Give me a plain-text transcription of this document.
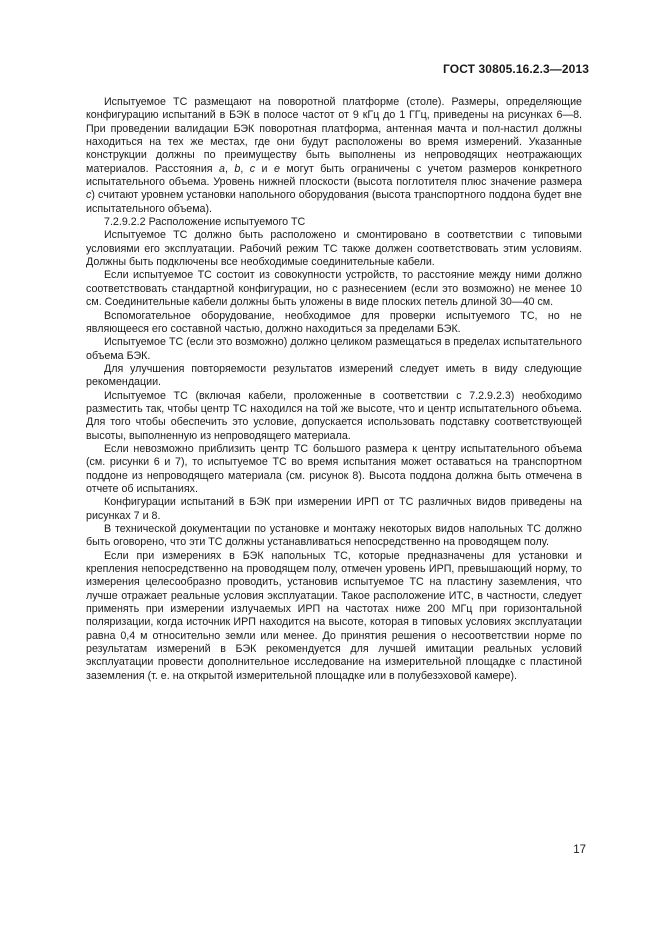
ГОСТ 30805.16.2.3—2013

Испытуемое ТС размещают на поворотной платформе (столе). Размеры, определяющие конфигурацию испытаний в БЭК в полосе частот от 9 кГц до 1 ГГц, приведены на рисунках 6—8. При проведении валидации БЭК поворотная платформа, антенная мачта и пол-настил должны находиться на тех же местах, где они будут расположены во время измерений. Указанные конструкции должны по преимуществу быть выполнены из непроводящих неотражающих материалов. Расстояния a, b, c и e могут быть ограничены с учетом размеров конкретного испытательного объема. Уровень нижней плоскости (высота поглотителя плюс значение размера c) считают уровнем установки напольного оборудования (высота транспортного поддона будет вне испытательного объема).

7.2.9.2.2 Расположение испытуемого ТС

Испытуемое ТС должно быть расположено и смонтировано в соответствии с типовыми условиями его эксплуатации. Рабочий режим ТС также должен соответствовать этим условиям. Должны быть подключены все необходимые соединительные кабели.

Если испытуемое ТС состоит из совокупности устройств, то расстояние между ними должно соответствовать стандартной конфигурации, но с разнесением (если это возможно) не менее 10 см. Соединительные кабели должны быть уложены в виде плоских петель длиной 30—40 см.

Вспомогательное оборудование, необходимое для проверки испытуемого ТС, но не являющееся его составной частью, должно находиться за пределами БЭК.

Испытуемое ТС (если это возможно) должно целиком размещаться в пределах испытательного объема БЭК.

Для улучшения повторяемости результатов измерений следует иметь в виду следующие рекомендации.

Испытуемое ТС (включая кабели, проложенные в соответствии с 7.2.9.2.3) необходимо разместить так, чтобы центр ТС находился на той же высоте, что и центр испытательного объема. Для того чтобы обеспечить это условие, допускается использовать подставку соответствующей высоты, выполненную из непроводящего материала.

Если невозможно приблизить центр ТС большого размера к центру испытательного объема (см. рисунки 6 и 7), то испытуемое ТС во время испытания может оставаться на транспортном поддоне из непроводящего материала (см. рисунок 8). Высота поддона должна быть отмечена в отчете об испытаниях.

Конфигурации испытаний в БЭК при измерении ИРП от ТС различных видов приведены на рисунках 7 и 8.

В технической документации по установке и монтажу некоторых видов напольных ТС должно быть оговорено, что эти ТС должны устанавливаться непосредственно на проводящем полу.

Если при измерениях в БЭК напольных ТС, которые предназначены для установки и крепления непосредственно на проводящем полу, отмечен уровень ИРП, превышающий норму, то измерения целесообразно проводить, установив испытуемое ТС на пластину заземления, что лучше отражает реальные условия эксплуатации. Такое расположение ИТС, в частности, следует применять при измерении излучаемых ИРП на частотах ниже 200 МГц при горизонтальной поляризации, когда источник ИРП находится на высоте, которая в типовых условиях эксплуатации равна 0,4 м относительно земли или менее. До принятия решения о несоответствии норме по результатам измерений в БЭК рекомендуется для лучшей имитации реальных условий эксплуатации провести дополнительное исследование на измерительной площадке с пластиной заземления (т. е. на открытой измерительной площадке или в полубезэховой камере).

17
